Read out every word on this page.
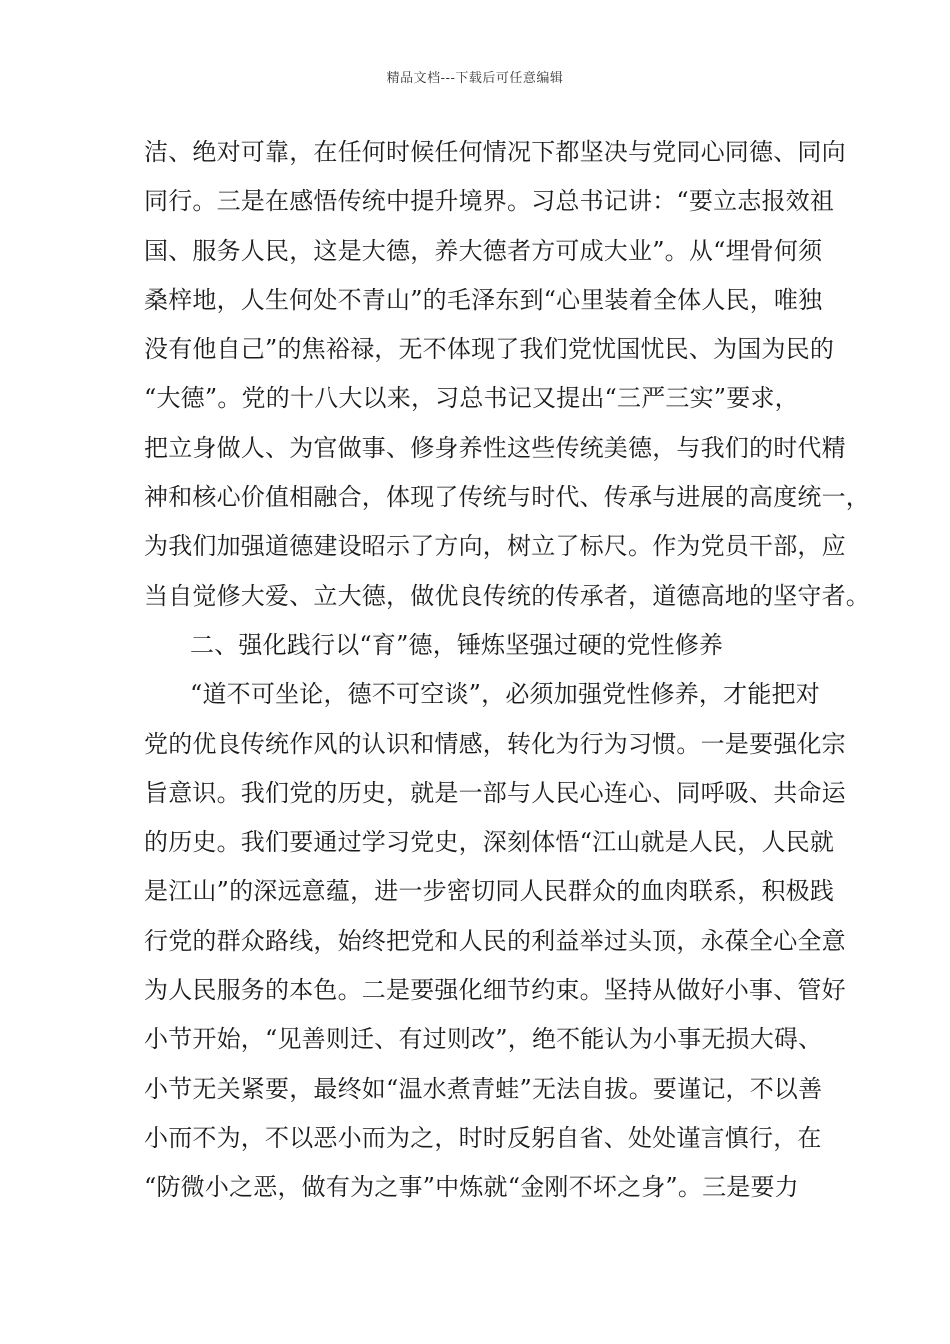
精品文档---下载后可任意编辑
洁、绝对可靠，在任何时候任何情况下都坚决与党同心同德、同向
同行。三是在感悟传统中提升境界。习总书记讲：“要立志报效祖
国、服务人民，这是大德，养大德者方可成大业”。从“埋骨何须
桑梓地，人生何处不青山”的毛泽东到“心里装着全体人民，唯独
没有他自己”的焦裕禄，无不体现了我们党忧国忧民、为国为民的
“大德”。党的十八大以来，习总书记又提出“三严三实”要求，
把立身做人、为官做事、修身养性这些传统美德，与我们的时代精
神和核心价值相融合，体现了传统与时代、传承与进展的高度统一，
为我们加强道德建设昭示了方向，树立了标尺。作为党员干部，应
当自觉修大爱、立大德，做优良传统的传承者，道德高地的坚守者。
二、强化践行以“育”德，锤炼坚强过硬的党性修养
“道不可坐论，德不可空谈”，必须加强党性修养，才能把对
党的优良传统作风的认识和情感，转化为行为习惯。一是要强化宗
旨意识。我们党的历史，就是一部与人民心连心、同呼吸、共命运
的历史。我们要通过学习党史，深刻体悟“江山就是人民，人民就
是江山”的深远意蕴，进一步密切同人民群众的血肉联系，积极践
行党的群众路线，始终把党和人民的利益举过头顶，永葆全心全意
为人民服务的本色。二是要强化细节约束。坚持从做好小事、管好
小节开始，“见善则迁、有过则改”，绝不能认为小事无损大碍、
小节无关紧要，最终如“温水煮青蛙”无法自拔。要谨记，不以善
小而不为，不以恶小而为之，时时反躬自省、处处谨言慎行，在
“防微小之恶，做有为之事”中炼就“金刚不坏之身”。三是要力
